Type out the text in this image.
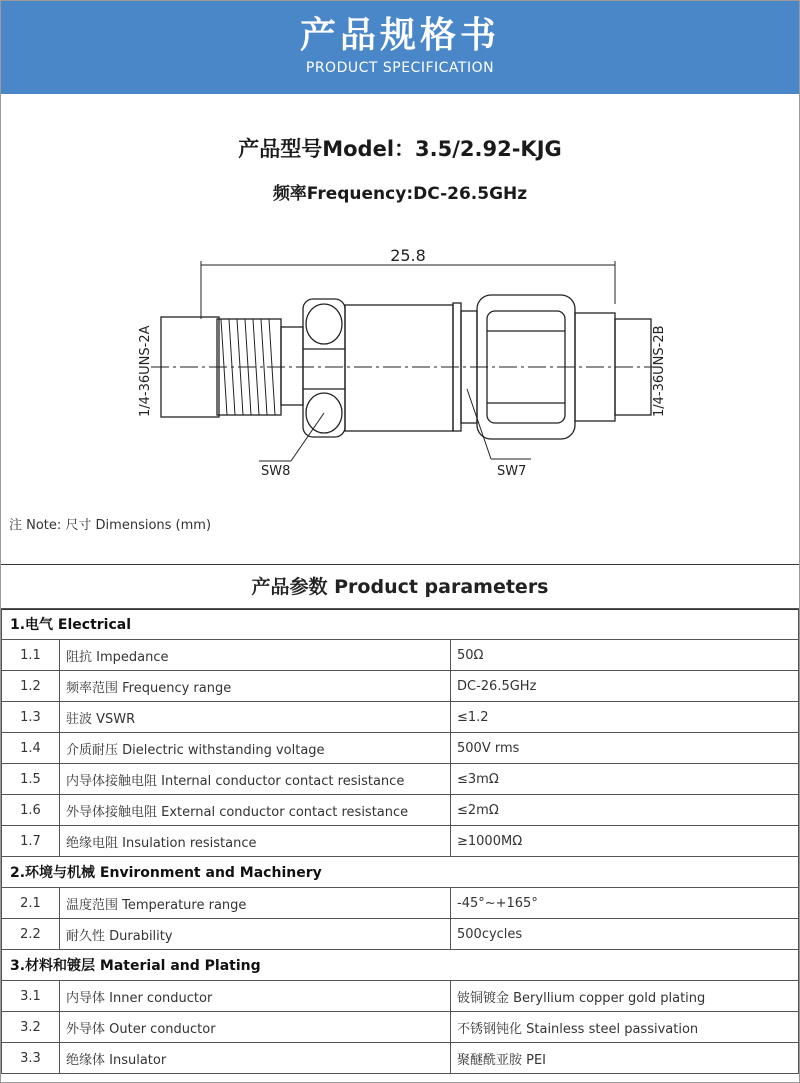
产品规格书
PRODUCT SPECIFICATION
产品型号Model：3.5/2.92-KJG
频率Frequency:DC-26.5GHz
25.8
1/4-36UNS-2A	1/4-36UNS-2B
SW8	SW7
注 Note: 尺寸 Dimensions (mm)
产品参数 Product parameters
1.电气 Electrical		
1.1	阻抗 Impedance	50Ω
1.2	频率范围 Frequency range	DC-26.5GHz
1.3	驻波 VSWR	≤1.2
1.4	介质耐压 Dielectric withstanding voltage	500V rms
1.5	内导体接触电阻 Internal conductor contact resistance	≤3mΩ
1.6	外导体接触电阻 External conductor contact resistance	≤2mΩ
1.7	绝缘电阻 Insulation resistance	≥1000MΩ
2.环境与机械 Environment and Machinery		
2.1	温度范围 Temperature range	-45°~+165°
2.2	耐久性 Durability	500cycles
3.材料和镀层 Material and Plating		
3.1	内导体 Inner conductor	铍铜镀金 Beryllium copper gold plating
3.2	外导体 Outer conductor	不锈钢钝化 Stainless steel passivation
3.3	绝缘体 Insulator	聚醚酰亚胺 PEI
